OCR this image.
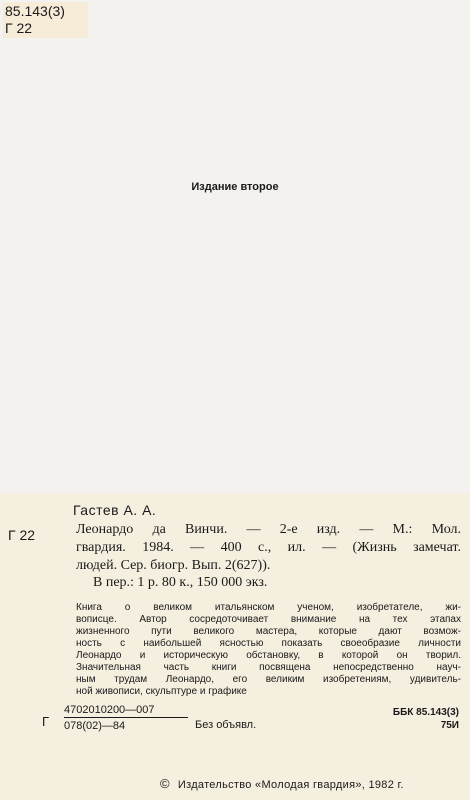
85.143(3)
Г 22
Издание второе
Гастев А. А.
Г 22	Леонардо да Винчи. — 2-е изд. — М.: Мол.
гвардия. 1984. — 400 с., ил. — (Жизнь замечат.
людей. Сер. биогр. Вып. 2(627)).
В пер.: 1 р. 80 к., 150 000 экз.
Книга о великом итальянском ученом, изобретателе, жи-
вописце. Автор сосредоточивает внимание на тех этапах
жизненного пути великого мастера, которые дают возмож-
ность с наибольшей ясностью показать своеобразие личности
Леонардо и историческую обстановку, в которой он творил.
Значительная часть книги посвящена непосредственно науч-
ным трудам Леонардо, его великим изобретениям, удивитель-
ной живописи, скульптуре и графике
Г $\frac{4702010200—007}{078(02)—84}$ Без объявл.
ББК 85.143(3)
75И
© Издательство «Молодая гвардия», 1982 г.
